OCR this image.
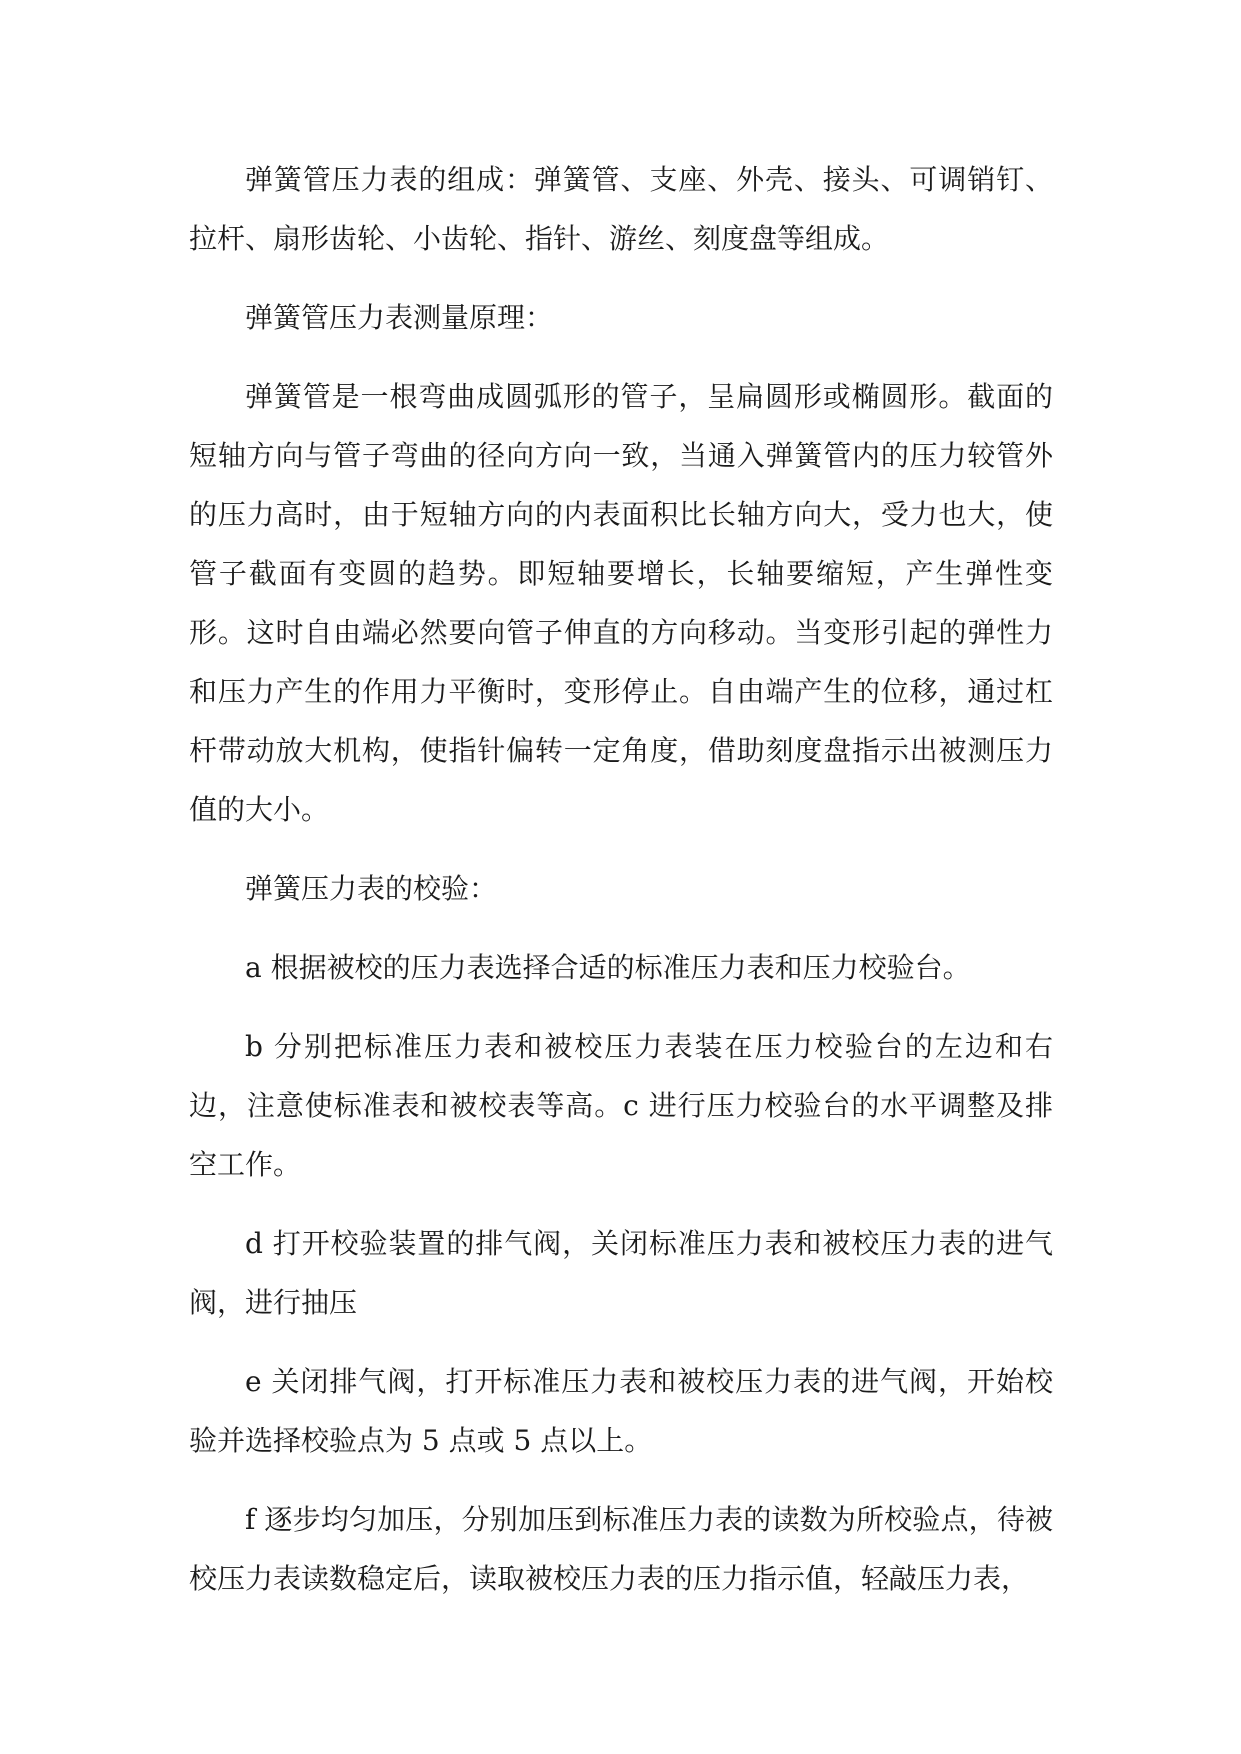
弹簧管压力表的组成：弹簧管、支座、外壳、接头、可调销钉、拉杆、扇形齿轮、小齿轮、指针、游丝、刻度盘等组成。

弹簧管压力表测量原理：

弹簧管是一根弯曲成圆弧形的管子，呈扁圆形或椭圆形。截面的短轴方向与管子弯曲的径向方向一致，当通入弹簧管内的压力较管外的压力高时，由于短轴方向的内表面积比长轴方向大，受力也大，使管子截面有变圆的趋势。即短轴要增长，长轴要缩短，产生弹性变形。这时自由端必然要向管子伸直的方向移动。当变形引起的弹性力和压力产生的作用力平衡时，变形停止。自由端产生的位移，通过杠杆带动放大机构，使指针偏转一定角度，借助刻度盘指示出被测压力值的大小。

弹簧压力表的校验：

a 根据被校的压力表选择合适的标准压力表和压力校验台。

b 分别把标准压力表和被校压力表装在压力校验台的左边和右边，注意使标准表和被校表等高。c 进行压力校验台的水平调整及排空工作。

d 打开校验装置的排气阀，关闭标准压力表和被校压力表的进气阀，进行抽压

e 关闭排气阀，打开标准压力表和被校压力表的进气阀，开始校验并选择校验点为 5 点或 5 点以上。

f 逐步均匀加压，分别加压到标准压力表的读数为所校验点，待被校压力表读数稳定后，读取被校压力表的压力指示值，轻敲压力表，
